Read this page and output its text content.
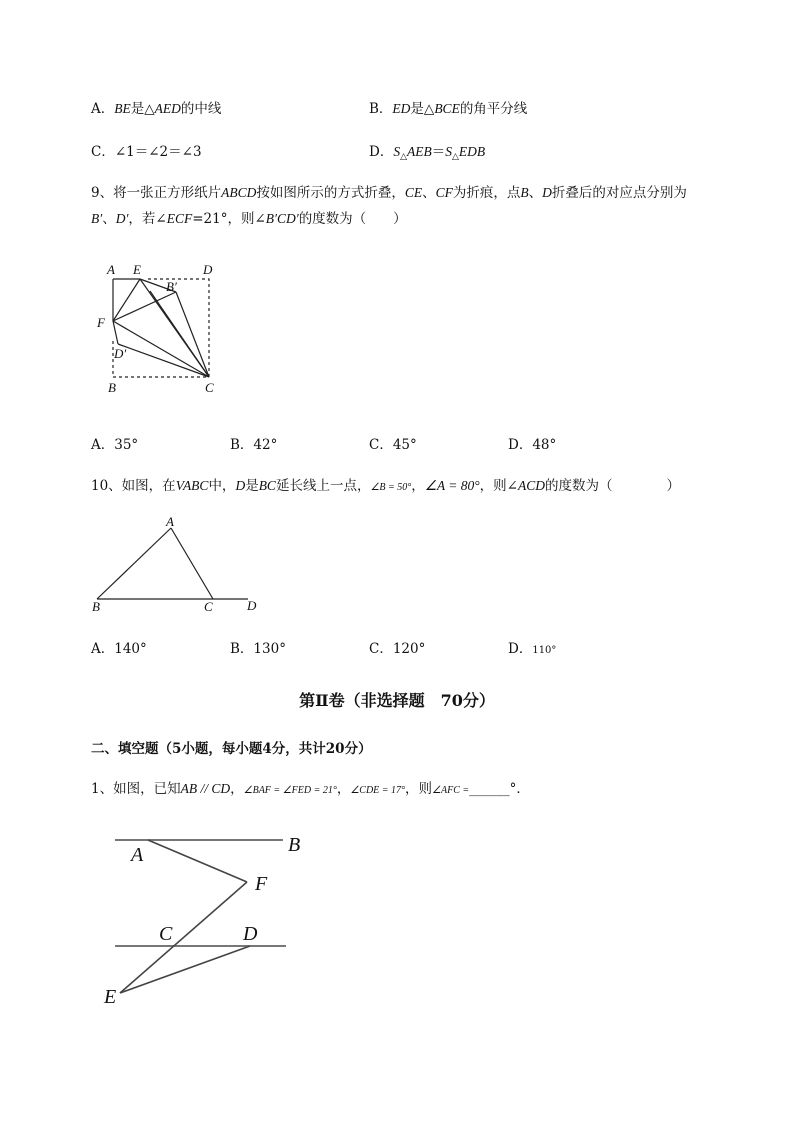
A．BE是△AED的中线	B．ED是△BCE的角平分线
C．∠1＝∠2＝∠3	D．$S_\triangle AEB=S_\triangle EDB$
9、将一张正方形纸片ABCD按如图所示的方式折叠，CE、CF为折痕，点B、D折叠后的对应点分别为
B′、D′，若∠ECF=21°，则∠B′CD′的度数为（　　）
A E	D
B′
F
D′
B	C
A．35°	B．42°	C．45°	D．48°
10、如图，在VABC中，D是BC延长线上一点，∠B = 50°，∠A = 80°，则∠ACD的度数为（　　　　）
A
B	C	D
A．140°	B．130°	C．120°	D．110°
第Ⅱ卷（非选择题　70分）
二、填空题（5小题，每小题4分，共计20分）
1、如图，已知AB // CD，∠BAF = ∠FED = 21°，∠CDE = 17°，则∠AFC =______°．
A	B
F
C	D
E
